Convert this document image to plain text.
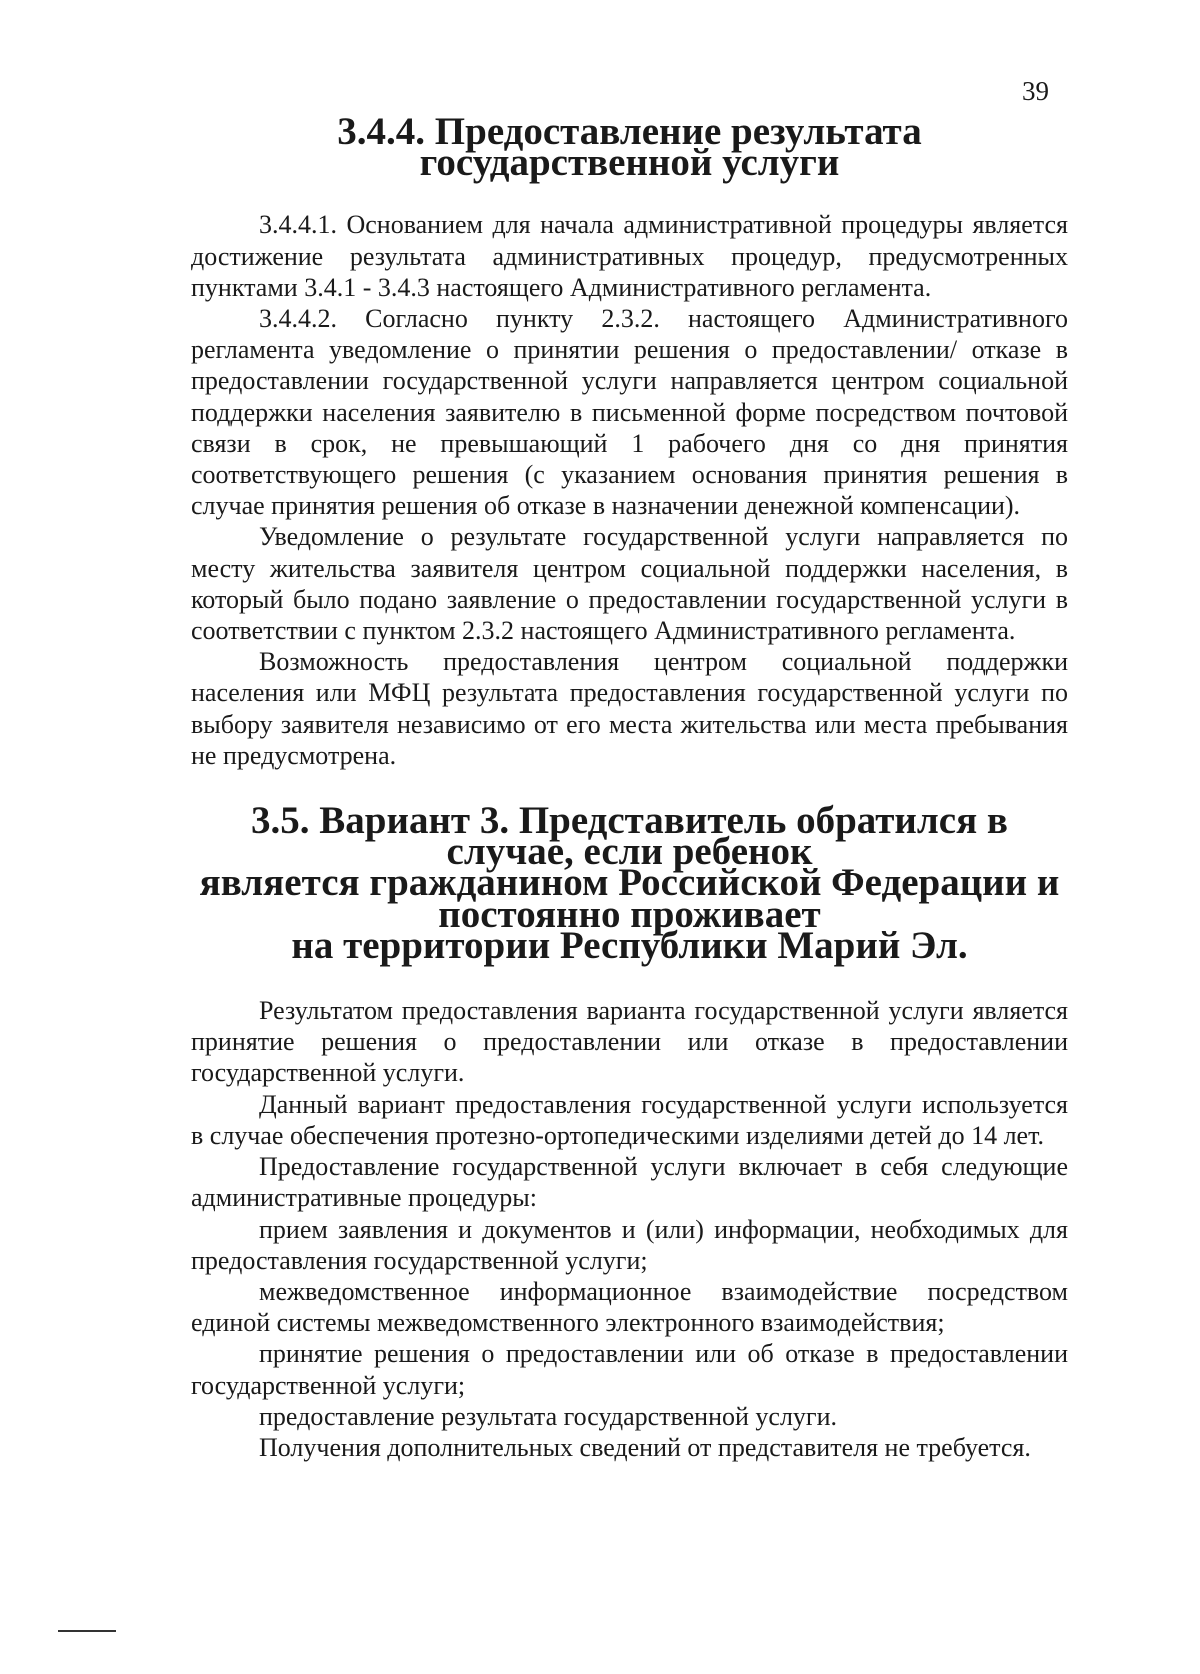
39
3.4.4. Предоставление результата государственной услуги

3.4.4.1. Основанием для начала административной процедуры является достижение результата административных процедур, предусмотренных пунктами 3.4.1 - 3.4.3 настоящего Административного регламента.

3.4.4.2. Согласно пункту 2.3.2. настоящего Административного регламента уведомление о принятии решения о предоставлении/ отказе в предоставлении государственной услуги направляется центром социальной поддержки населения заявителю в письменной форме посредством почтовой связи в срок, не превышающий 1 рабочего дня со дня принятия соответствующего решения (с указанием основания принятия решения в случае принятия решения об отказе в назначении денежной компенсации).

Уведомление о результате государственной услуги направляется по месту жительства заявителя центром социальной поддержки населения, в который было подано заявление о предоставлении государственной услуги в соответствии с пунктом 2.3.2 настоящего Административного регламента.

Возможность предоставления центром социальной поддержки населения или МФЦ результата предоставления государственной услуги по выбору заявителя независимо от его места жительства или места пребывания не предусмотрена.

3.5. Вариант 3. Представитель обратился в случае, если ребенок
является гражданином Российской Федерации и постоянно проживает
на территории Республики Марий Эл.

Результатом предоставления варианта государственной услуги является принятие решения о предоставлении или отказе в предоставлении государственной услуги.

Данный вариант предоставления государственной услуги используется в случае обеспечения протезно-ортопедическими изделиями детей до 14 лет.

Предоставление государственной услуги включает в себя следующие административные процедуры:

прием заявления и документов и (или) информации, необходимых для предоставления государственной услуги;

межведомственное информационное взаимодействие посредством единой системы межведомственного электронного взаимодействия;

принятие решения о предоставлении или об отказе в предоставлении государственной услуги;

предоставление результата государственной услуги.

Получения дополнительных сведений от представителя не требуется.
